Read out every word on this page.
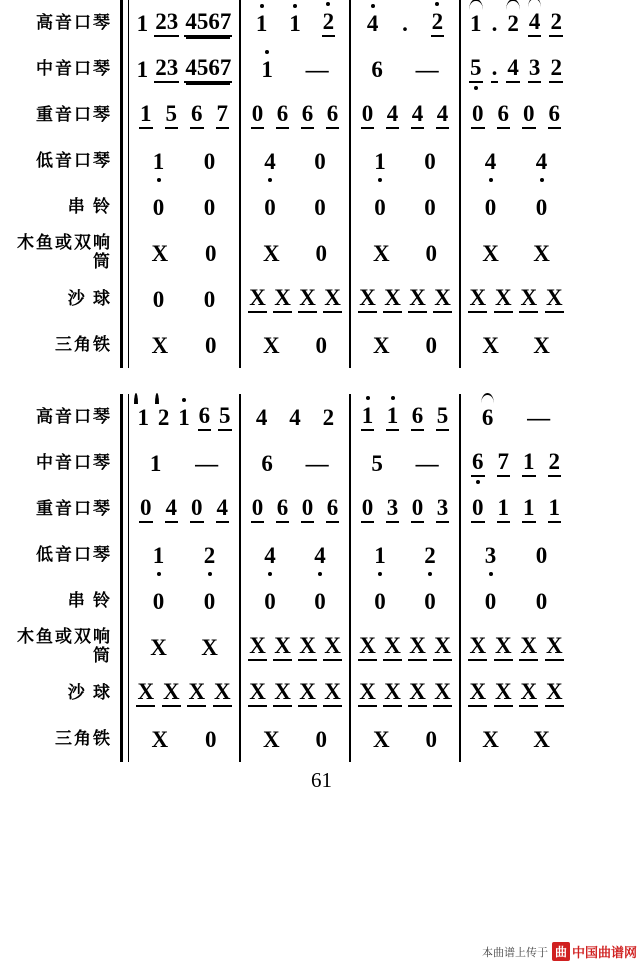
高音口琴	1 23 4567 1 1 2 4 . 2 1 . 2 4 2
中音口琴	1 23 4567 1 — 6 — 5 . 4 3 2
重音口琴	1 5 6 7 0 6 6 6 0 4 4 4 0 6 0 6
低音口琴	1 0 4 0 1 0 4 4
串 铃	0 0 0 0 0 0 0 0
木鱼或双响筒	X 0 X 0 X 0 X X
沙 球	0 0 X X X X X X X X X X X X
三角铁	X 0 X 0 X 0 X X
高音口琴	1 2 1 6 5 4 4 2 1 1 6 5 6 —
中音口琴	1 — 6 — 5 — 6 7 1 2
重音口琴	0 4 0 4 0 6 0 6 0 3 0 3 0 1 1 1
低音口琴	1 2 4 4 1 2 3 0
串 铃	0 0 0 0 0 0 0 0
木鱼或双响筒	X X X X X X X X X X X X X X
沙 球	X X X X X X X X X X X X X X X X
三角铁	X 0 X 0 X 0 X X
61
本曲谱上传于 曲 中国曲谱网
